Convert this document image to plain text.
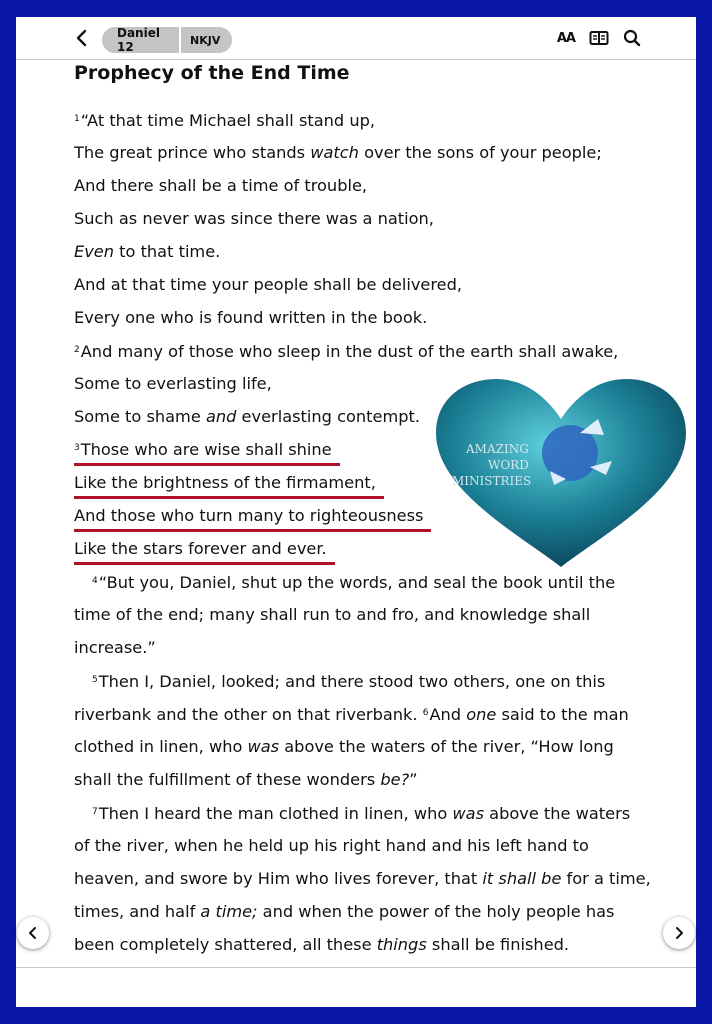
Daniel 12	NKJV	AA
Prophecy of the End Time
$^1$“At that time Michael shall stand up,
The great prince who stands watch over the sons of your people;
And there shall be a time of trouble,
Such as never was since there was a nation,
Even to that time.
And at that time your people shall be delivered,
Every one who is found written in the book.
$^2$And many of those who sleep in the dust of the earth shall awake,
Some to everlasting life,
Some to shame and everlasting contempt.
$^3$Those who are wise shall shine
Like the brightness of the firmament,
And those who turn many to righteousness
Like the stars forever and ever.
$^4$“But you, Daniel, shut up the words, and seal the book until the
time of the end; many shall run to and fro, and knowledge shall
increase.”
$^5$Then I, Daniel, looked; and there stood two others, one on this
riverbank and the other on that riverbank. $^6$And one said to the man
clothed in linen, who was above the waters of the river, “How long
shall the fulfillment of these wonders be?”
$^7$Then I heard the man clothed in linen, who was above the waters
of the river, when he held up his right hand and his left hand to
heaven, and swore by Him who lives forever, that it shall be for a time,
times, and half a time; and when the power of the holy people has
been completely shattered, all these things shall be finished.
AMAZING
WORD
MINISTRIES
